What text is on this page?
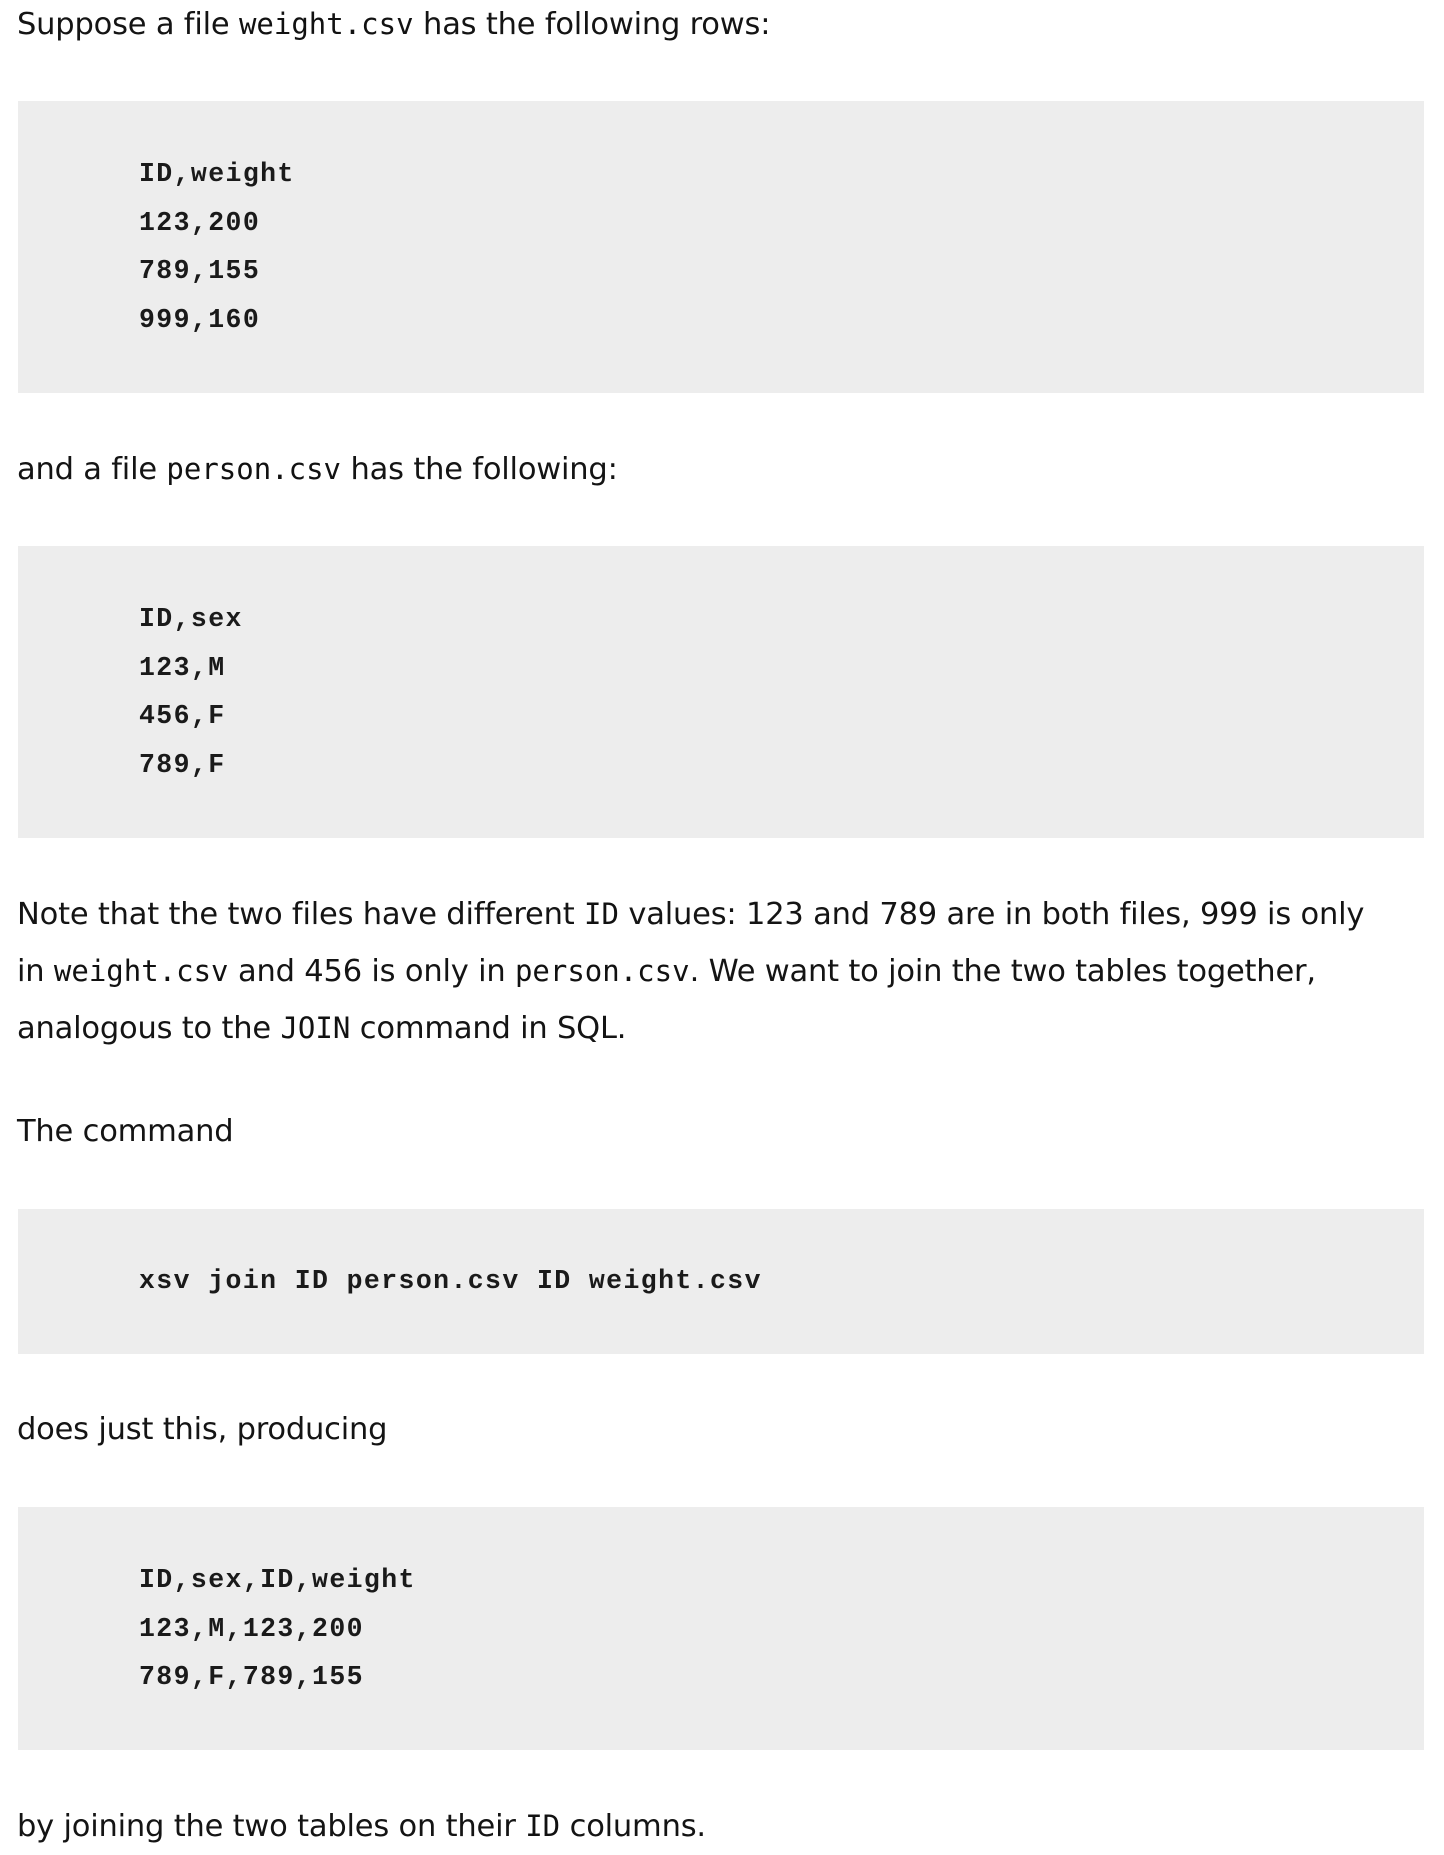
Suppose a file weight.csv has the following rows:

ID,weight
123,200
789,155
999,160

and a file person.csv has the following:

ID,sex
123,M
456,F
789,F
Note that the two files have different ID values: 123 and 789 are in both files, 999 is only
in weight.csv and 456 is only in person.csv. We want to join the two tables together,
analogous to the JOIN command in SQL.

The command

xsv join ID person.csv ID weight.csv

does just this, producing

ID,sex,ID,weight
123,M,123,200
789,F,789,155

by joining the two tables on their ID columns.
